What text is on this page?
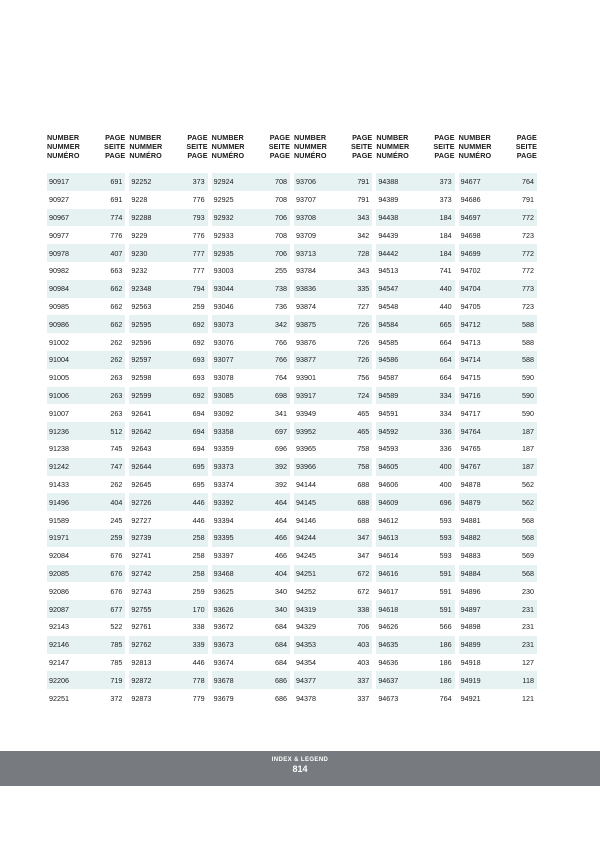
NUMBER
NUMMER
NUMÉRO
PAGE
SEITE
PAGE
90917	691
90927	691
90967	774
90977	776
90978	407
90982	663
90984	662
90985	662
90986	662
91002	262
91004	262
91005	263
91006	263
91007	263
91236	512
91238	745
91242	747
91433	262
91496	404
91589	245
91971	259
92084	676
92085	676
92086	676
92087	677
92143	522
92146	785
92147	785
92206	719
92251	372
NUMBER
NUMMER
NUMÉRO
PAGE
SEITE
PAGE
92252	373
9228	776
92288	793
9229	776
9230	777
9232	777
92348	794
92563	259
92595	692
92596	692
92597	693
92598	693
92599	692
92641	694
92642	694
92643	694
92644	695
92645	695
92726	446
92727	446
92739	258
92741	258
92742	258
92743	259
92755	170
92761	338
92762	339
92813	446
92872	778
92873	779
NUMBER
NUMMER
NUMÉRO
PAGE
SEITE
PAGE
92924	708
92925	708
92932	706
92933	708
92935	706
93003	255
93044	738
93046	736
93073	342
93076	766
93077	766
93078	764
93085	698
93092	341
93358	697
93359	696
93373	392
93374	392
93392	464
93394	464
93395	466
93397	466
93468	404
93625	340
93626	340
93672	684
93673	684
93674	684
93678	686
93679	686
NUMBER
NUMMER
NUMÉRO
PAGE
SEITE
PAGE
93706	791
93707	791
93708	343
93709	342
93713	728
93784	343
93836	335
93874	727
93875	726
93876	726
93877	726
93901	756
93917	724
93949	465
93952	465
93965	758
93966	758
94144	688
94145	688
94146	688
94244	347
94245	347
94251	672
94252	672
94319	338
94329	706
94353	403
94354	403
94377	337
94378	337
NUMBER
NUMMER
NUMÉRO
PAGE
SEITE
PAGE
94388	373
94389	373
94438	184
94439	184
94442	184
94513	741
94547	440
94548	440
94584	665
94585	664
94586	664
94587	664
94589	334
94591	334
94592	336
94593	336
94605	400
94606	400
94609	696
94612	593
94613	593
94614	593
94616	591
94617	591
94618	591
94626	566
94635	186
94636	186
94637	186
94673	764
NUMBER
NUMMER
NUMÉRO
PAGE
SEITE
PAGE
94677	764
94686	791
94697	772
94698	723
94699	772
94702	772
94704	773
94705	723
94712	588
94713	588
94714	588
94715	590
94716	590
94717	590
94764	187
94765	187
94767	187
94878	562
94879	562
94881	568
94882	568
94883	569
94884	568
94896	230
94897	231
94898	231
94899	231
94918	127
94919	118
94921	121
INDEX & LEGEND
814
